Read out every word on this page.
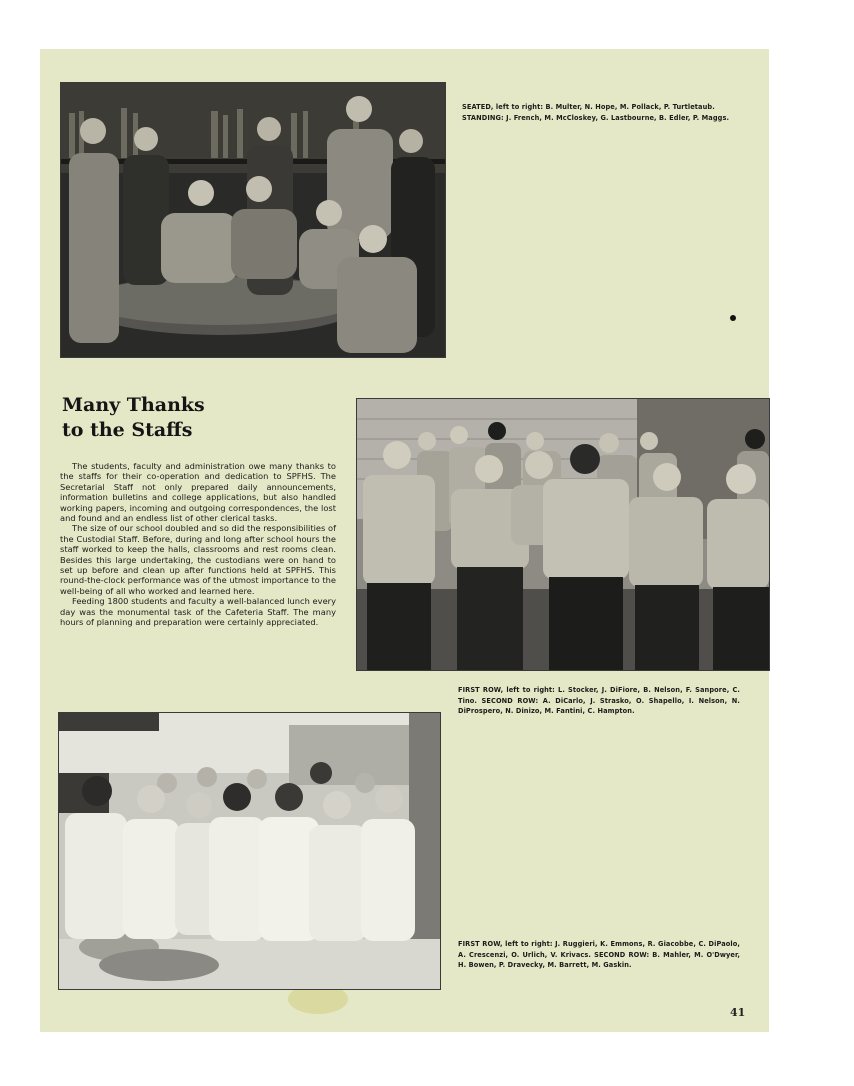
SEATED, left to right: B. Multer, N. Hope, M. Pollack, P. Turtletaub.
STANDING: J. French, M. McCloskey, G. Lastbourne, B. Edler, P. Maggs.
Many Thanks
to the Staffs

The students, faculty and administration owe many thanks to the staffs for their co-operation and dedication to SPFHS. The Secretarial Staff not only prepared daily announcements, information bulletins and college applications, but also handled working papers, incoming and outgoing correspondences, the lost and found and an endless list of other clerical tasks.

The size of our school doubled and so did the responsibilities of the Custodial Staff. Before, during and long after school hours the staff worked to keep the halls, classrooms and rest rooms clean. Besides this large undertaking, the custodians were on hand to set up before and clean up after functions held at SPFHS. This round-the-clock performance was of the utmost importance to the well-being of all who worked and learned here.

Feeding 1800 students and faculty a well-balanced lunch every day was the monumental task of the Cafeteria Staff. The many hours of planning and preparation were certainly appreciated.

FIRST ROW, left to right: L. Stocker, J. DiFiore, B. Nelson, F. Sanpore, C. Tino. SECOND ROW: A. DiCarlo, J. Strasko, O. Shapello, I. Nelson, N. DiProspero, N. Dinizo, M. Fantini, C. Hampton.
FIRST ROW, left to right: J. Ruggieri, K. Emmons, R. Giacobbe, C. DiPaolo, A. Crescenzi, O. Urlich, V. Krivacs. SECOND ROW: B. Mahler, M. O'Dwyer, H. Bowen, P. Dravecky, M. Barrett, M. Gaskin.
41
